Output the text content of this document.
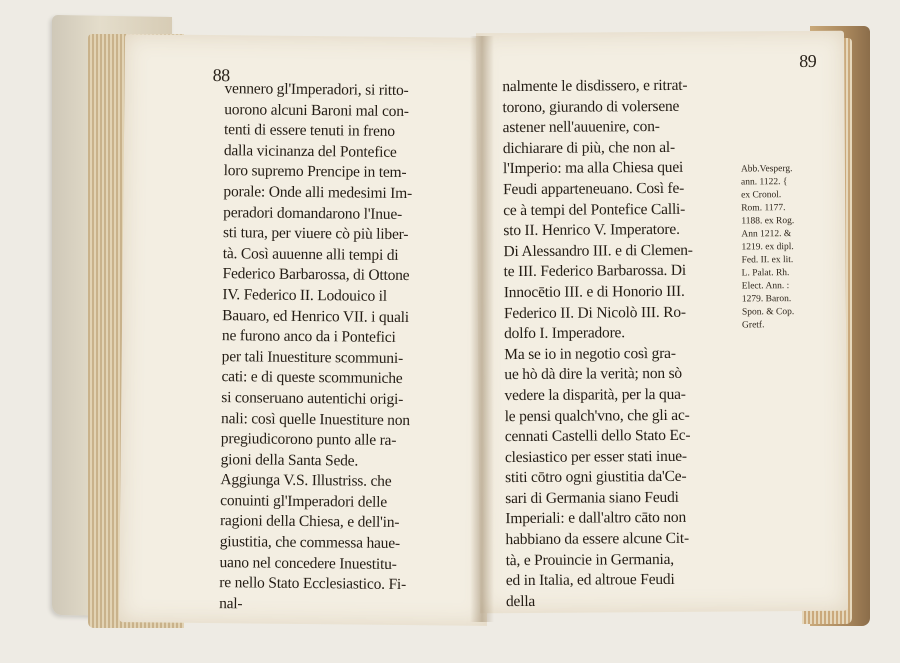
88
vennero gl'Imperadori, si ritto-
uorono alcuni Baroni mal con-
tenti di essere tenuti in freno
dalla vicinanza del Pontefice
loro supremo Prencipe in tem-
porale: Onde alli medesimi Im-
peradori domandarono l'Inue-
sti tura, per viuere cò più liber-
tà. Così auuenne alli tempi di
Federico Barbarossa, di Ottone
IV. Federico II. Lodouico il
Bauaro, ed Henrico VII. i quali
ne furono anco da i Pontefici
per tali Inuestiture scommuni-
cati: e di queste scommuniche
si conseruano autentichi origi-
nali: così quelle Inuestiture non
pregiudicorono punto alle ra-
gioni della Santa Sede.
Aggiunga V.S. Illustriss. che
conuinti gl'Imperadori delle
ragioni della Chiesa, e dell'in-
giustitia, che commessa haue-
uano nel concedere Inuestitu-
re nello Stato Ecclesiastico. Fi-
nal-
89
nalmente le disdissero, e ritrat-
torono, giurando di volersene
astener nell'auuenire, con-
dichiarare di più, che non al-
l'Imperio: ma alla Chiesa quei
Feudi apparteneuano. Così fe-
ce à tempi del Pontefice Calli-
sto II. Henrico V. Imperatore.
Di Alessandro III. e di Clemen-
te III. Federico Barbarossa. Di
Innocētio III. e di Honorio III.
Federico II. Di Nicolò III. Ro-
dolfo I. Imperadore.
Ma se io in negotio così gra-
ue hò dà dire la verità; non sò
vedere la disparità, per la qua-
le pensi qualch'vno, che gli ac-
cennati Castelli dello Stato Ec-
clesiastico per esser stati inue-
stiti cōtro ogni giustitia da'Ce-
sari di Germania siano Feudi
Imperiali: e dall'altro cāto non
habbiano da essere alcune Cit-
tà, e Prouincie in Germania,
ed in Italia, ed altroue Feudi
della
Abb.Vesperg.
ann. 1122. {
ex Cronol.
Rom. 1177.
1188. ex Rog.
Ann 1212. &
1219. ex dipl.
Fed. II. ex lit.
L. Palat. Rh.
Elect. Ann. :
1279. Baron.
Spon. & Cop.
Gretf.
